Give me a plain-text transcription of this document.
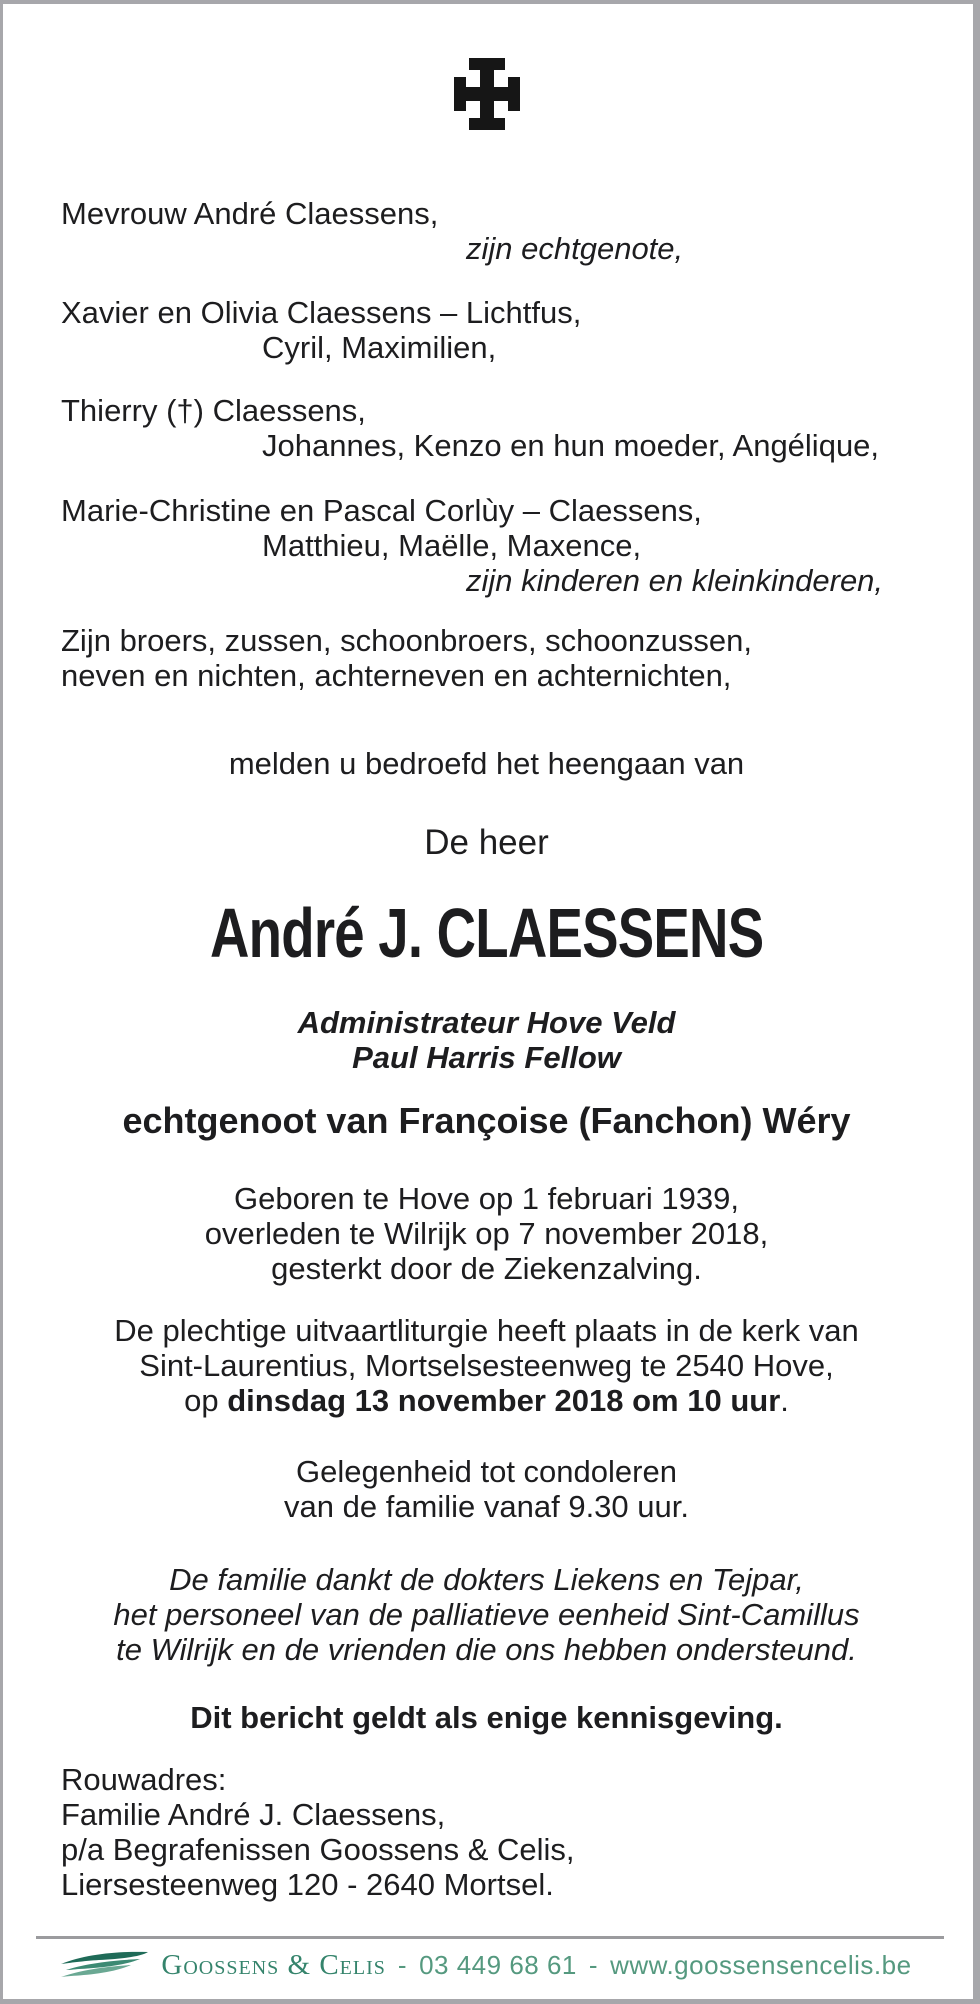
Mevrouw André Claessens,
zijn echtgenote,
Xavier en Olivia Claessens – Lichtfus,
Cyril, Maximilien,
Thierry (†) Claessens,
Johannes, Kenzo en hun moeder, Angélique,
Marie-Christine en Pascal Corlùy – Claessens,
Matthieu, Maëlle, Maxence,
zijn kinderen en kleinkinderen,
Zijn broers, zussen, schoonbroers, schoonzussen,
neven en nichten, achterneven en achternichten,
melden u bedroefd het heengaan van
De heer
André J. CLAESSENS
Administrateur Hove Veld
Paul Harris Fellow
echtgenoot van Françoise (Fanchon) Wéry
Geboren te Hove op 1 februari 1939,
overleden te Wilrijk op 7 november 2018,
gesterkt door de Ziekenzalving.
De plechtige uitvaartliturgie heeft plaats in de kerk van
Sint-Laurentius, Mortselsesteenweg te 2540 Hove,
op dinsdag 13 november 2018 om 10 uur.
Gelegenheid tot condoleren
van de familie vanaf 9.30 uur.
De familie dankt de dokters Liekens en Tejpar,
het personeel van de palliatieve eenheid Sint-Camillus
te Wilrijk en de vrienden die ons hebben ondersteund.
Dit bericht geldt als enige kennisgeving.
Rouwadres:
Familie André J. Claessens,
p/a Begrafenissen Goossens & Celis,
Liersesteenweg 120 - 2640 Mortsel.
Goossens & Celis - 03 449 68 61 - www.goossensencelis.be
